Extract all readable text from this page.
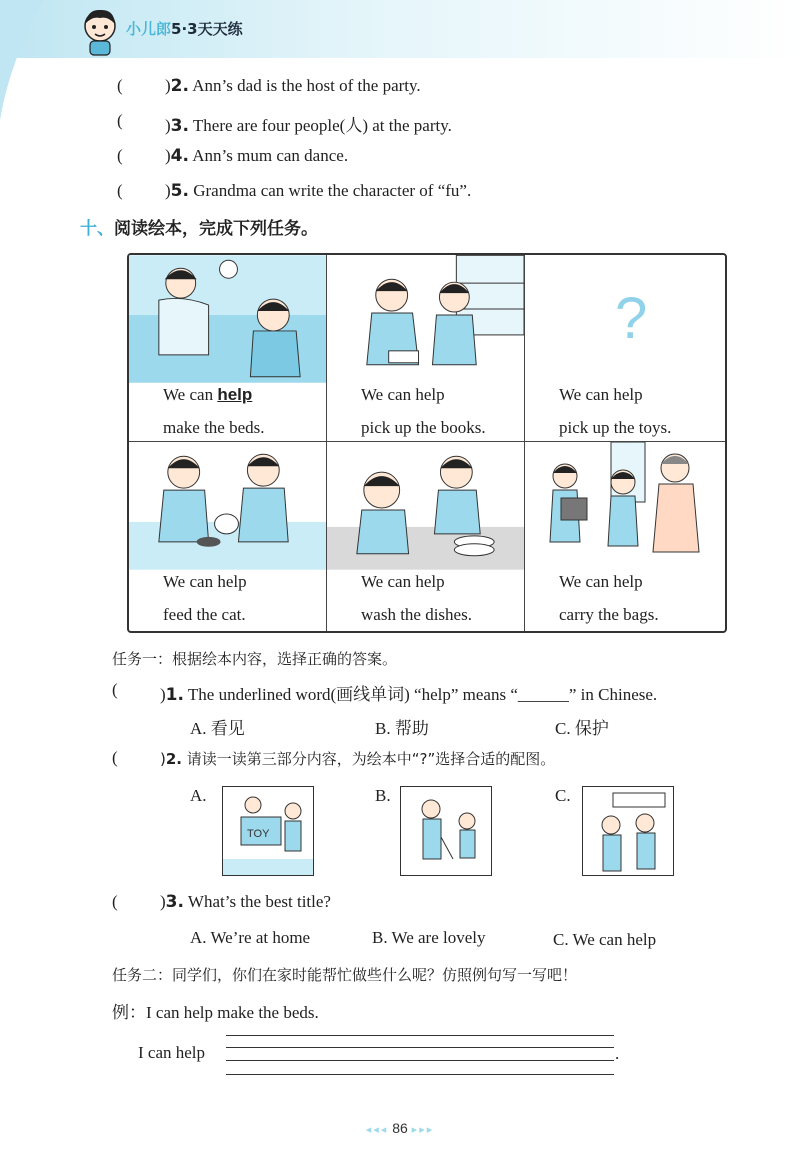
小儿郎5·3天天练
( )2. Ann’s dad is the host of the party.
( )3. There are four people(人) at the party.
( )4. Ann’s mum can dance.
( )5. Grandma can write the character of “fu”.
十、阅读绘本，完成下列任务。
We can help
make the beds.
We can help
pick up the books.
?
We can help
pick up the toys.
We can help
feed the cat.
We can help
wash the dishes.
We can help
carry the bags.
任务一：根据绘本内容，选择正确的答案。
( )1. The underlined word(画线单词) “help” means “______” in Chinese.
A. 看见	B. 帮助	C. 保护
(	)2. 请读一读第三部分内容，为绘本中“?”选择合适的配图。
A.
TOY
B.	C.
( )3. What’s the best title?
A. We’re at home	B. We are lovely	C. We can help
任务二：同学们，你们在家时能帮忙做些什么呢？仿照例句写一写吧！
例：I can help make the beds.
I can help	.
◂◂◂ 86 ▸▸▸
